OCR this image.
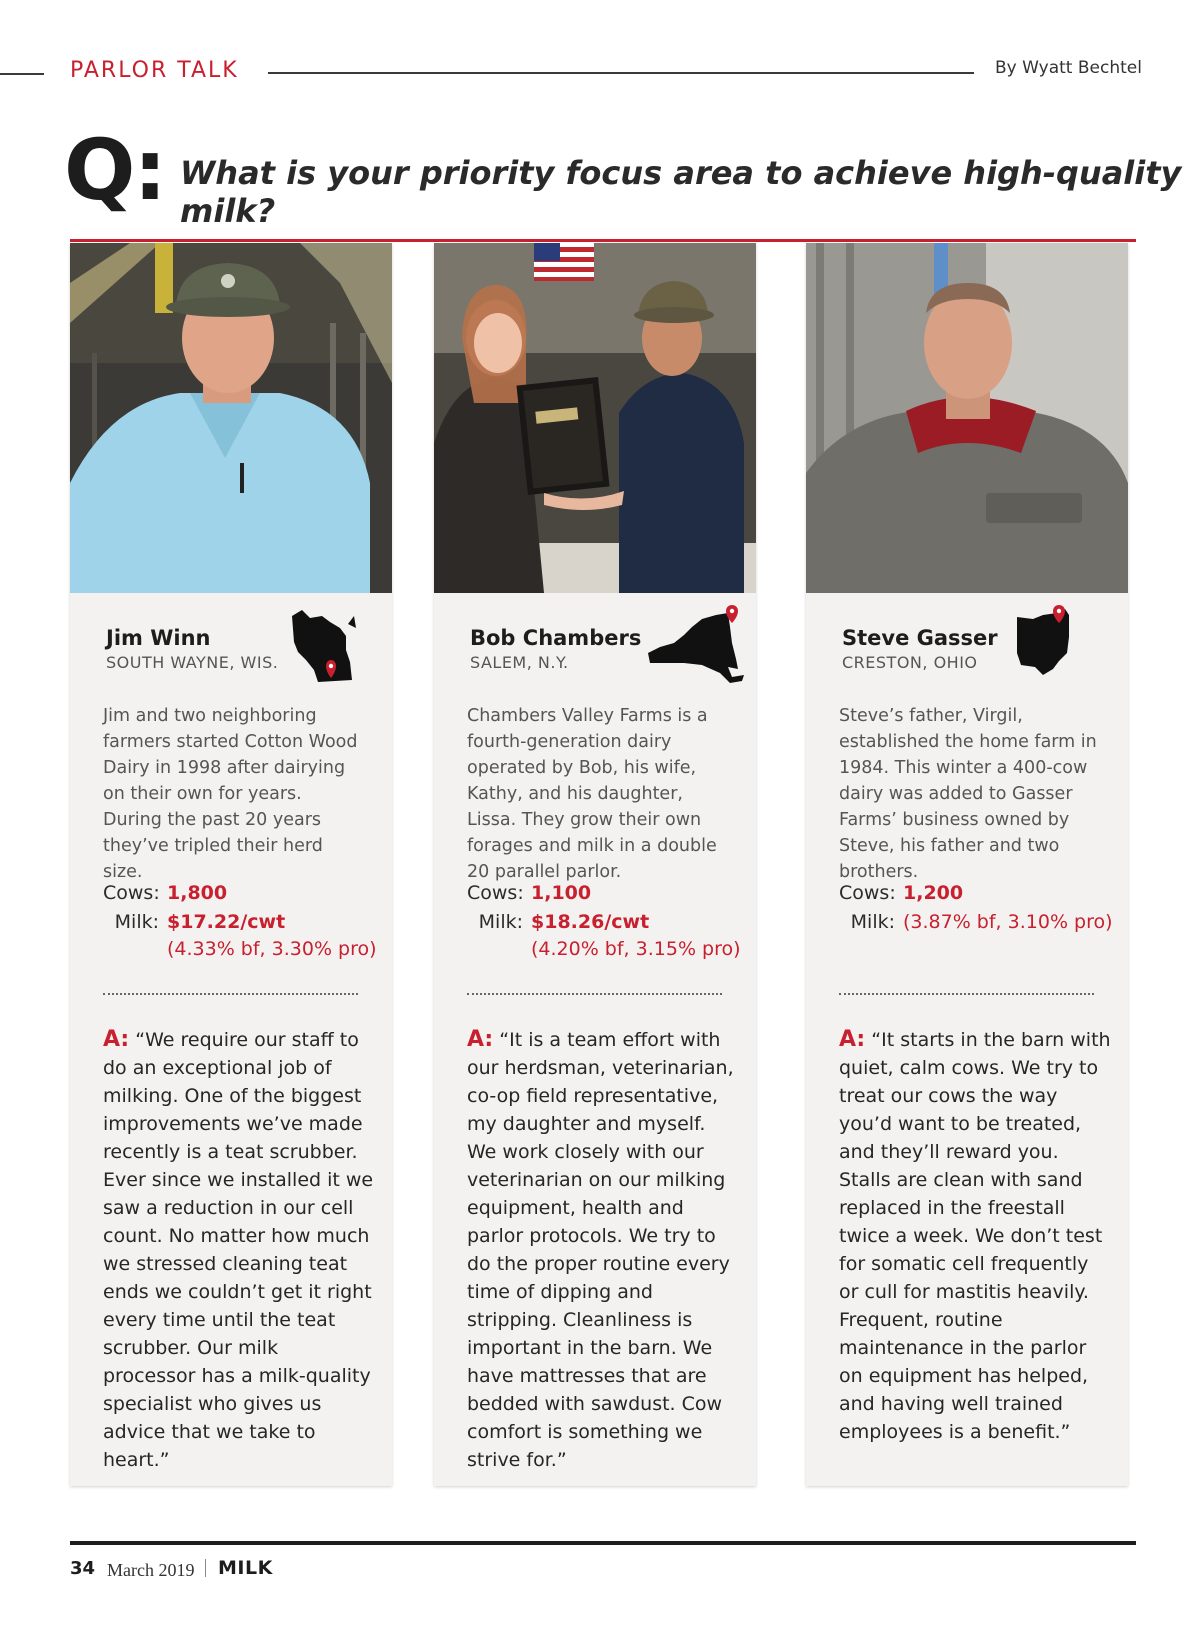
PARLOR TALK	By Wyatt Bechtel
Q: What is your priority focus area to achieve high-quality milk?
Jim Winn
SOUTH WAYNE, WIS.
Jim and two neighboring farmers started Cotton Wood Dairy in 1998 after dairying on their own for years. During the past 20 years they’ve tripled their herd size.
Cows: 1,800
Milk: $17.22/cwt
(4.33% bf, 3.30% pro)
A: “We require our staff to do an exceptional job of milking. One of the biggest improvements we’ve made recently is a teat scrubber. Ever since we installed it we saw a reduction in our cell count. No matter how much we stressed cleaning teat ends we couldn’t get it right every time until the teat scrubber. Our milk processor has a milk-quality specialist who gives us advice that we take to heart.”
Bob Chambers
SALEM, N.Y.
Chambers Valley Farms is a fourth-generation dairy operated by Bob, his wife, Kathy, and his daughter, Lissa. They grow their own forages and milk in a double 20 parallel parlor.
Cows: 1,100
Milk: $18.26/cwt
(4.20% bf, 3.15% pro)
A: “It is a team effort with our herdsman, veterinarian, co-op field representative, my daughter and myself. We work closely with our veterinarian on our milking equipment, health and parlor protocols. We try to do the proper routine every time of dipping and stripping. Cleanliness is important in the barn. We have mattresses that are bedded with sawdust. Cow comfort is something we strive for.”
Steve Gasser
CRESTON, OHIO
Steve’s father, Virgil, established the home farm in 1984. This winter a 400-cow dairy was added to Gasser Farms’ business owned by Steve, his father and two brothers.
Cows: 1,200
Milk: (3.87% bf, 3.10% pro)
A: “It starts in the barn with quiet, calm cows. We try to treat our cows the way you’d want to be treated, and they’ll reward you. Stalls are clean with sand replaced in the freestall twice a week. We don’t test for somatic cell frequently or cull for mastitis heavily. Frequent, routine maintenance in the parlor on equipment has helped, and having well trained employees is a benefit.”
34 March 2019 MILK
